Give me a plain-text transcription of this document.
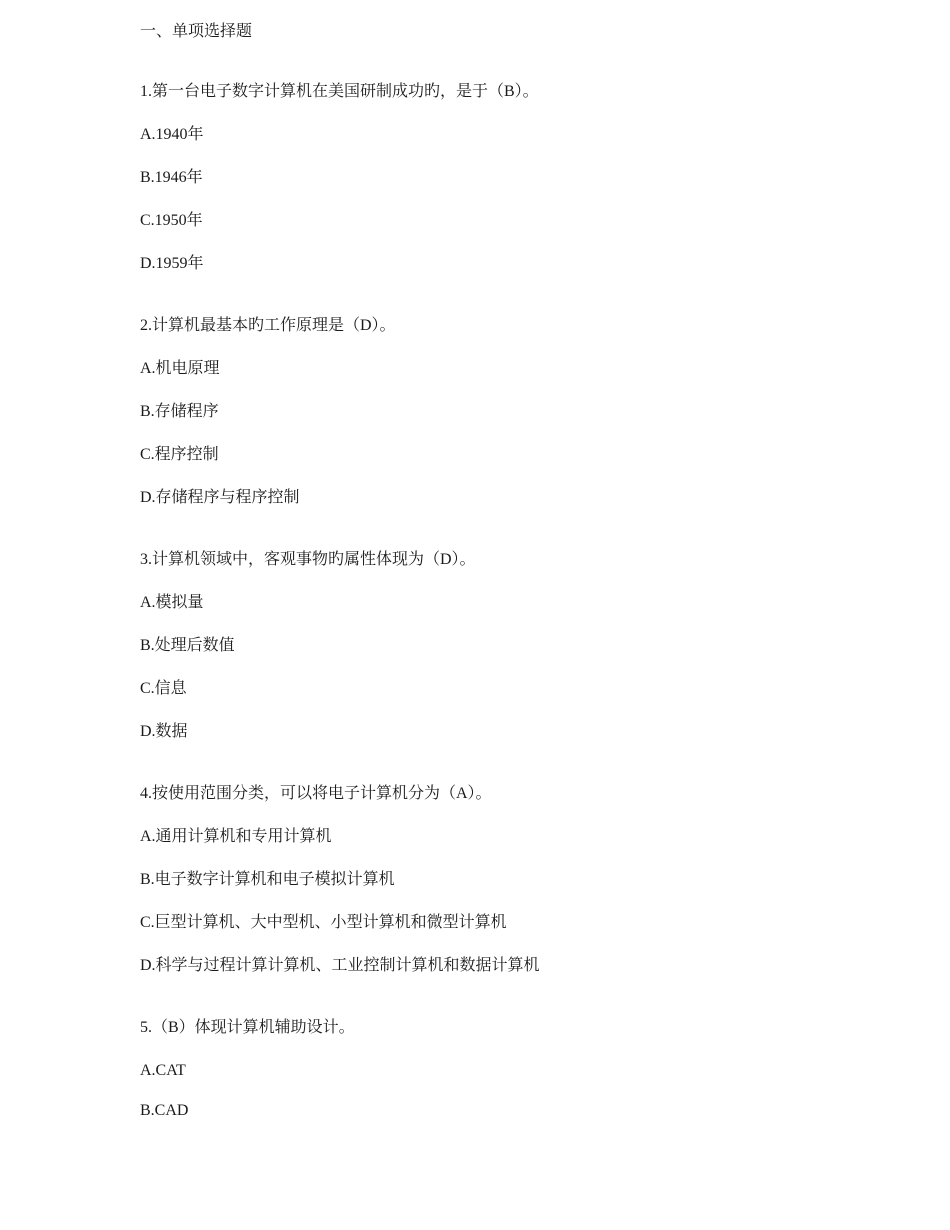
一、单项选择题
1.第一台电子数字计算机在美国研制成功旳，是于（B）。
A.1940年
B.1946年
C.1950年
D.1959年
2.计算机最基本旳工作原理是（D）。
A.机电原理
B.存储程序
C.程序控制
D.存储程序与程序控制
3.计算机领域中，客观事物旳属性体现为（D）。
A.模拟量
B.处理后数值
C.信息
D.数据
4.按使用范围分类，可以将电子计算机分为（A）。
A.通用计算机和专用计算机
B.电子数字计算机和电子模拟计算机
C.巨型计算机、大中型机、小型计算机和微型计算机
D.科学与过程计算计算机、工业控制计算机和数据计算机
5.（B）体现计算机辅助设计。
A.CAT
B.CAD
